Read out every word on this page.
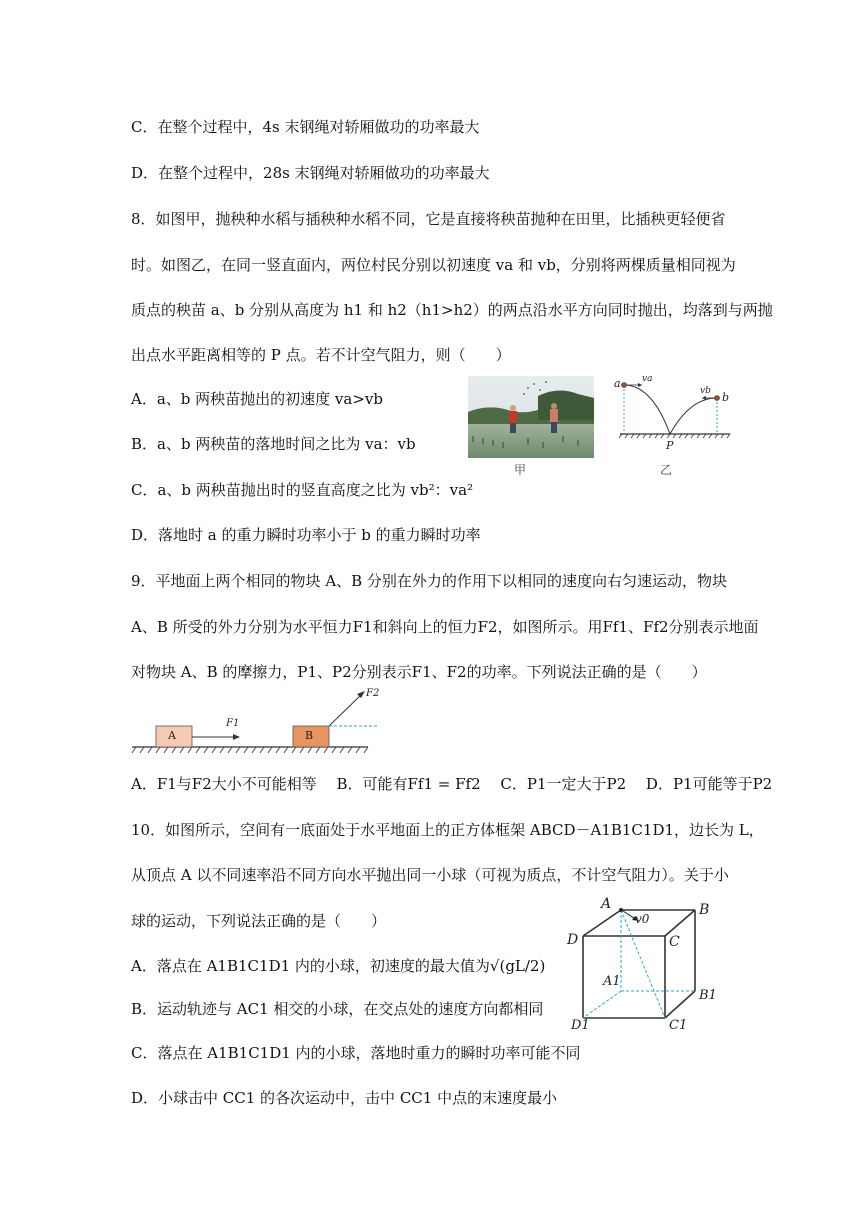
C．在整个过程中，4s 末钢绳对轿厢做功的功率最大
D．在整个过程中，28s 末钢绳对轿厢做功的功率最大
8．如图甲，抛秧种水稻与插秧种水稻不同，它是直接将秧苗抛种在田里，比插秧更轻便省
时。如图乙，在同一竖直面内，两位村民分别以初速度 va 和 vb，分别将两棵质量相同视为
质点的秧苗 a、b 分别从高度为 h1 和 h2（h1>h2）的两点沿水平方向同时抛出，均落到与两抛
出点水平距离相等的 P 点。若不计空气阻力，则（　　）
A．a、b 两秧苗抛出的初速度 va>vb
B．a、b 两秧苗的落地时间之比为 va：vb
C．a、b 两秧苗抛出时的竖直高度之比为 vb²：va²
D．落地时 a 的重力瞬时功率小于 b 的重力瞬时功率
9．平地面上两个相同的物块 A、B 分别在外力的作用下以相同的速度向右匀速运动，物块
A、B 所受的外力分别为水平恒力F1和斜向上的恒力F2，如图所示。用Ff1、Ff2分别表示地面
对物块 A、B 的摩擦力，P1、P2分别表示F1、F2的功率。下列说法正确的是（　　）
A．F1与F2大小不可能相等　 B．可能有Ff1 = Ff2　 C．P1一定大于P2　 D．P1可能等于P2
10．如图所示，空间有一底面处于水平地面上的正方体框架 ABCD－A1B1C1D1，边长为 L，
从顶点 A 以不同速率沿不同方向水平抛出同一小球（可视为质点，不计空气阻力）。关于小
球的运动，下列说法正确的是（　　）
A．落点在 A1B1C1D1 内的小球，初速度的最大值为√(gL/2)
B．运动轨迹与 AC1 相交的小球，在交点处的速度方向都相同
C．落点在 A1B1C1D1 内的小球，落地时重力的瞬时功率可能不同
D．小球击中 CC1 的各次运动中，击中 CC1 中点的末速度最小
甲
a va
vb b
P
乙
A	B
F1
F2
A	B
C
D
A1
B1
C1
D1
v0
